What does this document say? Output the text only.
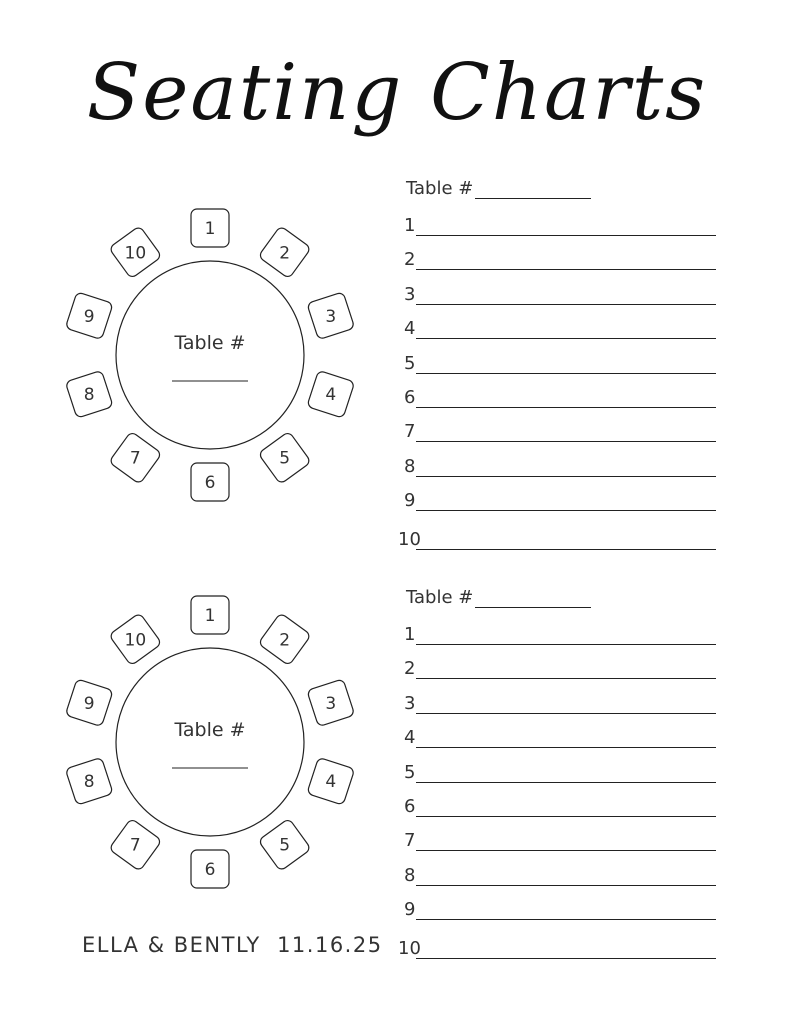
Seating Charts
Table #
1
2
3
4
5
6
7
8
9
10
Table #
1
2
3
4
5
6
7
8
9
10
Table #
1
2
3
4
5
6
7
8
9
10
Table #
1
2
3
4
5
6
7
8
9
10
ELLA & BENTLY 11.16.25
